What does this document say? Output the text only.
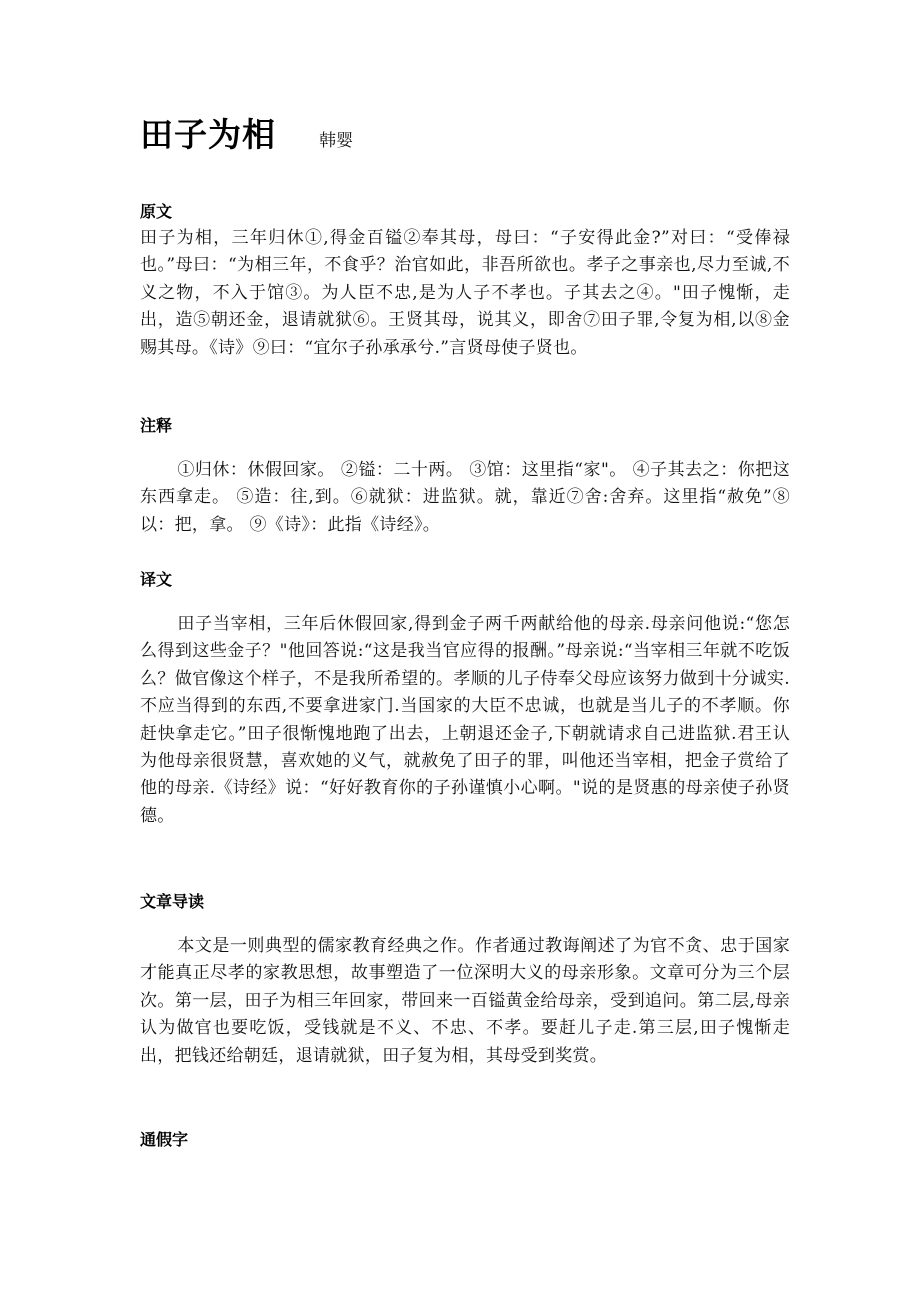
田子为相	韩婴
原文

田子为相，三年归休①,得金百镒②奉其母，母曰：“子安得此金?”对曰：“受俸禄也。”母曰：“为相三年，不食乎？治官如此，非吾所欲也。孝子之事亲也,尽力至诚,不义之物，不入于馆③。为人臣不忠,是为人子不孝也。子其去之④。"田子愧惭，走出，造⑤朝还金，退请就狱⑥。王贤其母，说其义，即舍⑦田子罪,令复为相,以⑧金赐其母。《诗》⑨曰：“宜尔子孙承承兮.”言贤母使子贤也。

注释

①归休：休假回家。 ②镒：二十两。 ③馆：这里指“家"。 ④子其去之：你把这东西拿走。 ⑤造：往,到。⑥就狱：进监狱。就，靠近⑦舍:舍弃。这里指“赦免”⑧以：把，拿。 ⑨《诗》：此指《诗经》。

译文

田子当宰相，三年后休假回家,得到金子两千两献给他的母亲.母亲问他说:“您怎么得到这些金子？"他回答说:“这是我当官应得的报酬。”母亲说:“当宰相三年就不吃饭么？做官像这个样子，不是我所希望的。孝顺的儿子侍奉父母应该努力做到十分诚实.不应当得到的东西,不要拿进家门.当国家的大臣不忠诚，也就是当儿子的不孝顺。你赶快拿走它。”田子很惭愧地跑了出去，上朝退还金子,下朝就请求自己进监狱.君王认为他母亲很贤慧，喜欢她的义气，就赦免了田子的罪，叫他还当宰相，把金子赏给了他的母亲.《诗经》说：“好好教育你的子孙谨慎小心啊。"说的是贤惠的母亲使子孙贤德。

文章导读

本文是一则典型的儒家教育经典之作。作者通过教诲阐述了为官不贪、忠于国家才能真正尽孝的家教思想，故事塑造了一位深明大义的母亲形象。文章可分为三个层次。第一层，田子为相三年回家，带回来一百镒黄金给母亲，受到追问。第二层,母亲认为做官也要吃饭，受钱就是不义、不忠、不孝。要赶儿子走.第三层,田子愧惭走出，把钱还给朝廷，退请就狱，田子复为相，其母受到奖赏。

通假字
